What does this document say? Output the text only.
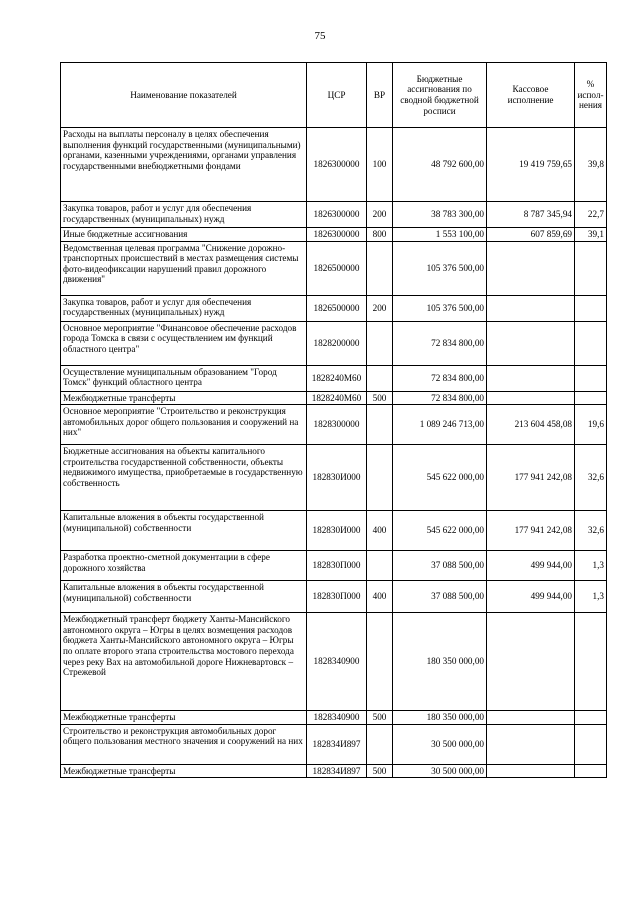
75
Наименование показателей	ЦСР	ВР	Бюджетные ассигнования по сводной бюджетной росписи	Кассовое исполнение	% испол-нения
Расходы на выплаты персоналу в целях обеспечения выполнения функций государственными (муниципальными) органами, казенными учреждениями, органами управления государственными внебюджетными фондами	1826300000	100	48 792 600,00	19 419 759,65	39,8
Закупка товаров, работ и услуг для обеспечения государственных (муниципальных) нужд	1826300000	200	38 783 300,00	8 787 345,94	22,7
Иные бюджетные ассигнования	1826300000	800	1 553 100,00	607 859,69	39,1
Ведомственная целевая программа "Снижение дорожно-транспортных происшествий в местах размещения системы фото-видеофиксации нарушений правил дорожного движения"	1826500000		105 376 500,00		
Закупка товаров, работ и услуг для обеспечения государственных (муниципальных) нужд	1826500000	200	105 376 500,00		
Основное мероприятие "Финансовое обеспечение расходов города Томска в связи с осуществлением им функций областного центра"	1828200000		72 834 800,00		
Осуществление муниципальным образованием "Город Томск" функций областного центра	1828240М60		72 834 800,00		
Межбюджетные трансферты	1828240М60	500	72 834 800,00		
Основное мероприятие "Строительство и реконструкция автомобильных дорог общего пользования и сооружений на них"	1828300000		1 089 246 713,00	213 604 458,08	19,6
Бюджетные ассигнования на объекты капитального строительства государственной собственности, объекты недвижимого имущества, приобретаемые в государственную собственность	182830И000		545 622 000,00	177 941 242,08	32,6
Капитальные вложения в объекты государственной (муниципальной) собственности	182830И000	400	545 622 000,00	177 941 242,08	32,6
Разработка проектно-сметной документации в сфере дорожного хозяйства	182830П000		37 088 500,00	499 944,00	1,3
Капитальные вложения в объекты государственной (муниципальной) собственности	182830П000	400	37 088 500,00	499 944,00	1,3
Межбюджетный трансферт бюджету Ханты-Мансийского автономного округа – Югры в целях возмещения расходов бюджета Ханты-Мансийского автономного округа – Югры по оплате второго этапа строительства мостового перехода через реку Вах на автомобильной дороге Нижневартовск – Стрежевой	1828340900		180 350 000,00		
Межбюджетные трансферты	1828340900	500	180 350 000,00		
Строительство и реконструкция автомобильных дорог общего пользования местного значения и сооружений на них	182834И897		30 500 000,00		
Межбюджетные трансферты	182834И897	500	30 500 000,00		
